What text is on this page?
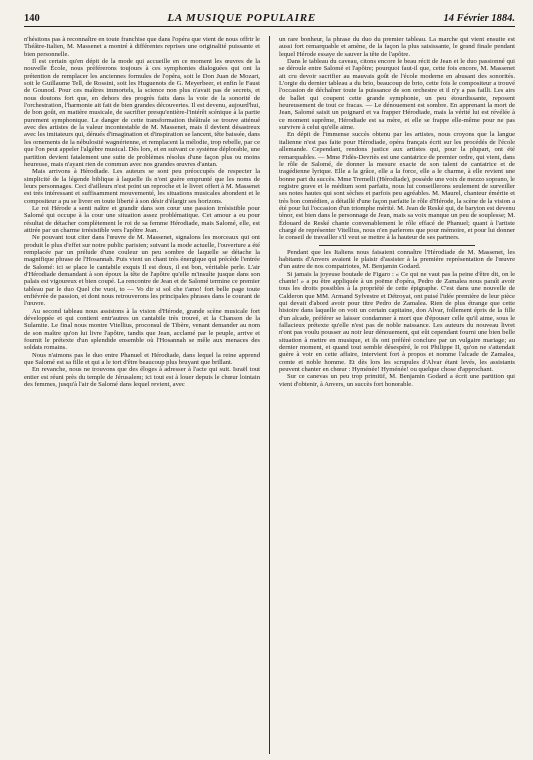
140	LA MUSIQUE POPULAIRE	14 Février 1884.

n'hésitons pas à reconnaître en toute franchise que dans l'opéra que vient de nous offrir le Théâtre-Italien, M. Massenet a montré à différentes reprises une originalité puissante et bien personnelle.

Il est certain qu'en dépit de la mode qui accueille en ce moment les œuvres de la nouvelle École, nous préférerons toujours à ces symphonies dialoguées qui ont la prétention de remplacer les anciennes formules de l'opéra, soit le Don Juan de Mozart, soit le Guillaume Tell, de Rossini, soit les Huguenots de G. Meyerbeer, et enfin le Faust de Gounod. Pour ces maîtres immortels, la science non plus n'avait pas de secrets, et nous doutons fort que, en dehors des progrès faits dans la voie de la sonorité de l'orchestration, l'harmonie ait fait de bien grandes découvertes. Il est devenu, aujourd'hui, de bon goût, en matière musicale, de sacrifier presqu'entière-l'intérêt scénique à la partie purement symphonique. Le danger de cette transformation théâtrale se trouve atténué avec des artistes de la valeur incontestable de M. Massenet, mais il devient désastreux avec les imitateurs qui, dénués d'imagination et d'inspiration se lancent, tête baissée, dans les ornements de la nébulosité wagnérienne, et remplacent la mélodie, trop rebelle, par ce que l'on peut appeler l'algèbre musical. Dès lors, et en suivant ce système déplorable, une partition devient fatalement une suite de problèmes résolus d'une façon plus ou moins heureuse, mais n'ayant rien de commun avec nos grandes œuvres d'antan.

Mais arrivons à Hérodiade. Les auteurs se sont peu préoccupés de respecter la simplicité de la légende biblique à laquelle ils n'ont guère emprunté que les noms de leurs personnages. Ceci d'ailleurs n'est point un reproche et le livret offert à M. Massenet est très intéressant et suffisamment mouvementé, les situations musicales abondent et le compositeur a pu se livrer en toute liberté à son désir d'élargir ses horizons.

Le roi Hérode a senti naître et grandir dans son cœur une passion irrésistible pour Salomé qui occupe à la cour une situation assez problématique. Cet amour a eu pour résultat de détacher complètement le roi de sa femme Hérodiade, mais Salomé, elle, est attirée par un charme irrésistible vers l'apôtre Jean.

Ne pouvant tout citer dans l'œuvre de M. Massenet, signalons les morceaux qui ont produit le plus d'effet sur notre public parisien; suivant la mode actuelle, l'ouverture a été remplacée par un prélude d'une couleur un peu sombre de laquelle se détache la magnifique phrase de l'Hosannah. Puis vient un chant très énergique qui précède l'entrée de Salomé: ici se place le cantabile exquis Il est doux, il est bon, véritable perle. L'air d'Hérodiade demandant à son époux la tête de l'apôtre qu'elle m'insulte jusque dans son palais est vigoureux et bien coupé. La rencontre de Jean et de Salomé termine ce premier tableau par le duo Quel che vuoi, to — Vo dir si sol che t'amo! fort belle page toute enfiévrée de passion, et dont nous retrouverons les principales phrases dans le courant de l'œuvre.

Au second tableau nous assistons à la vision d'Hérode, grande scène musicale fort développée et qui contient entr'autres un cantabile très trouvé, et la Chanson de la Sulamite. Le final nous montre Vitellius, proconsul de Tibère, venant demander au nom de son maître qu'on lui livre l'apôtre, tandis que Jean, acclamé par le peuple, arrive et fournit le prétexte d'un splendide ensemble où l'Hosannah se mêle aux menaces des soldats romains.

Nous n'aimons pas le duo entre Phanuel et Hérodiade, dans lequel la reine apprend que Salomé est sa fille et qui a le tort d'être beaucoup plus bruyant que brillant.

En revanche, nous ne trouvons que des éloges à adresser à l'acte qui suit. Israël tout entier est réuni près du temple de Jérusalem; ici tout est à louer depuis le chœur lointain des femmes, jusqu'à l'air de Salomé dans lequel revient, avec

un rare bonheur, la phrase du duo du premier tableau. La marche qui vient ensuite est aussi fort remarquable et amène, de la façon la plus saisissante, le grand finale pendant lequel Hérode essaye de sauver la tête de l'apôtre.

Dans le tableau du caveau, citons encore le beau récit de Jean et le duo passionné qui se déroule entre Salomé et l'apôtre; pourquoi faut-il que, cette fois encore, M. Massenet ait cru devoir sacrifier au mauvais goût de l'école moderne en abusant des sonorités. L'orgie du dernier tableau a du brio, beaucoup de brio, cette fois le compositeur a trouvé l'occasion de déchaîner toute la puissance de son orchestre et il n'y a pas failli. Les airs de ballet qui coupent cette grande symphonie, un peu étourdissante, reposent heureusement de tout ce fracas. — Le dénouement est sombre. En apprenant la mort de Jean, Salomé saisit un poignard et va frapper Hérodiade, mais la vérité lui est révélée à ce moment suprême, Hérodiade est sa mère, et elle se frappe elle-même pour ne pas survivre à celui qu'elle aime.

En dépit de l'immense succès obtenu par les artistes, nous croyons que la langue italienne n'est pas faite pour Hérodiade, opéra français écrit sur les procédés de l'école allemande. Cependant, rendons justice aux artistes qui, pour la plupart, ont été remarquables. — Mme Fidès-Devriès est une cantatrice de premier ordre, qui vient, dans le rôle de Salomé, de donner la mesure exacte de son talent de cantatrice et de tragédienne lyrique. Elle a la grâce, elle a la force, elle a le charme, à elle revient une bonne part du succès. Mme Tremelli (Hérodiade), possède une voix de mezzo soprano, le registre grave et le médium sont parfaits, nous lui conseillerons seulement de surveiller ses notes hautes qui sont sèches et parfois peu agréables. M. Maurel, chanteur émérite et très bon comédien, a détaillé d'une façon parfaite le rôle d'Hérode, la scène de la vision a été pour lui l'occasion d'un triomphe mérité. M. Jean de Reské qui, de baryton est devenu ténor, est bien dans le personnage de Jean, mais sa voix manque un peu de souplesse; M. Édouard de Reské chante convenablement le rôle effacé de Phanuel; quant à l'artiste chargé de représenter Vitellius, nous n'en parlerons que pour mémoire, et pour lui donner le conseil de travailler s'il veut se mettre à la hauteur de ses partners.

Pendant que les Italiens nous faisaient connaître l'Hérodiade de M. Massenet, les habitants d'Anvers avaient le plaisir d'assister à la première représentation de l'œuvre d'un autre de nos compatriotes, M. Benjamin Godard.

Si jamais la joyeuse boutade de Figaro : « Ce qui ne vaut pas la peine d'être dit, on le chante! » a pu être appliquée à un poëme d'opéra, Pedro de Zamalea nous paraît avoir tous les droits possibles à la propriété de cette épigraphe. C'est dans une nouvelle de Calderon que MM. Armand Sylvestre et Détroyat, ont puisé l'idée première de leur pièce qui devait d'abord avoir pour titre Pedro de Zamalea. Rien de plus étrange que cette histoire dans laquelle on voit un certain capitaine, don Alvar, follement épris de la fille d'un alcade, préférer se laisser condamner à mort que d'épouser celle qu'il aime, sous le fallacieux prétexte qu'elle n'est pas de noble naissance. Les auteurs du nouveau livret n'ont pas voulu pousser au noir leur dénouement, qui eût cependant fourni une bien belle situation à mettre en musique, et ils ont préféré conclure par un vulgaire mariage; au dernier moment, et quand tout semble désespéré, le roi Philippe II, qu'on ne s'attendait guère à voir en cette affaire, intervient fort à propos et nomme l'alcade de Zamalea, comte et noble homme. Et dès lors les scrupules d'Alvar étant levés, les assistants peuvent chanter en chœur : Hyménée! Hyménée! ou quelque chose d'approchant.

Sur ce canevas un peu trop primitif, M. Benjamin Godard a écrit une partition qui vient d'obtenir, à Anvers, un succès fort honorable.
